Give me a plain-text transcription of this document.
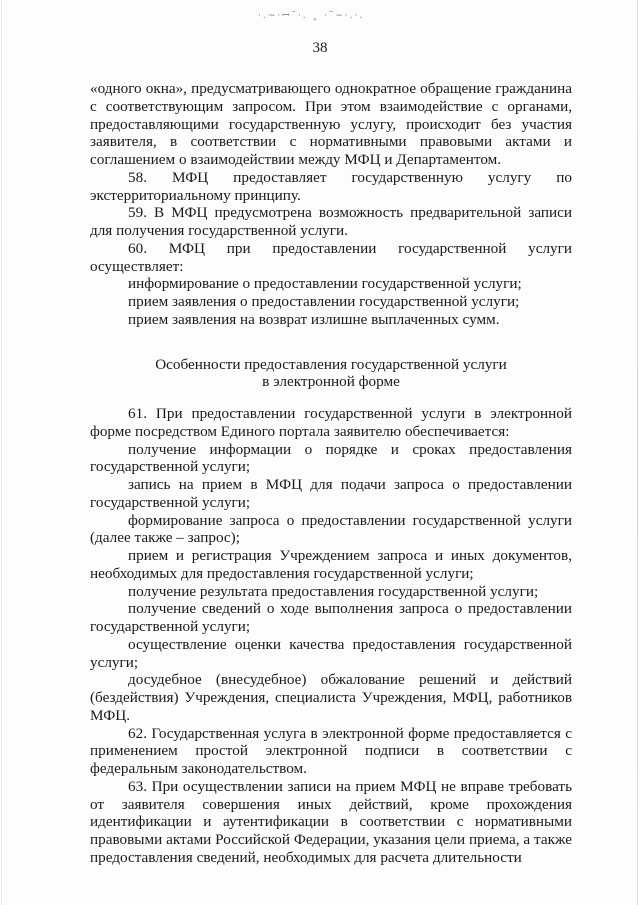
·.~·ꟷ˜·. ˬ ·˜~·.·.
38

«одного окна», предусматривающего однократное обращение гражданина с соответствующим запросом. При этом взаимодействие с органами, предоставляющими государственную услугу, происходит без участия заявителя, в соответствии с нормативными правовыми актами и соглашением о взаимодействии между МФЦ и Департаментом.

58. МФЦ предоставляет государственную услугу по экстерриториальному принципу.

59. В МФЦ предусмотрена возможность предварительной записи для получения государственной услуги.

60. МФЦ при предоставлении государственной услуги осуществляет:

информирование о предоставлении государственной услуги;

прием заявления о предоставлении государственной услуги;

прием заявления на возврат излишне выплаченных сумм.

Особенности предоставления государственной услуги
в электронной форме

61. При предоставлении государственной услуги в электронной форме посредством Единого портала заявителю обеспечивается:

получение информации о порядке и сроках предоставления государственной услуги;

запись на прием в МФЦ для подачи запроса о предоставлении государственной услуги;

формирование запроса о предоставлении государственной услуги (далее также – запрос);

прием и регистрация Учреждением запроса и иных документов, необходимых для предоставления государственной услуги;

получение результата предоставления государственной услуги;

получение сведений о ходе выполнения запроса о предоставлении государственной услуги;

осуществление оценки качества предоставления государственной услуги;

досудебное (внесудебное) обжалование решений и действий (бездействия) Учреждения, специалиста Учреждения, МФЦ, работников МФЦ.

62. Государственная услуга в электронной форме предоставляется с применением простой электронной подписи в соответствии с федеральным законодательством.

63. При осуществлении записи на прием МФЦ не вправе требовать от заявителя совершения иных действий, кроме прохождения идентификации и аутентификации в соответствии с нормативными правовыми актами Российской Федерации, указания цели приема, а также предоставления сведений, необходимых для расчета длительности
